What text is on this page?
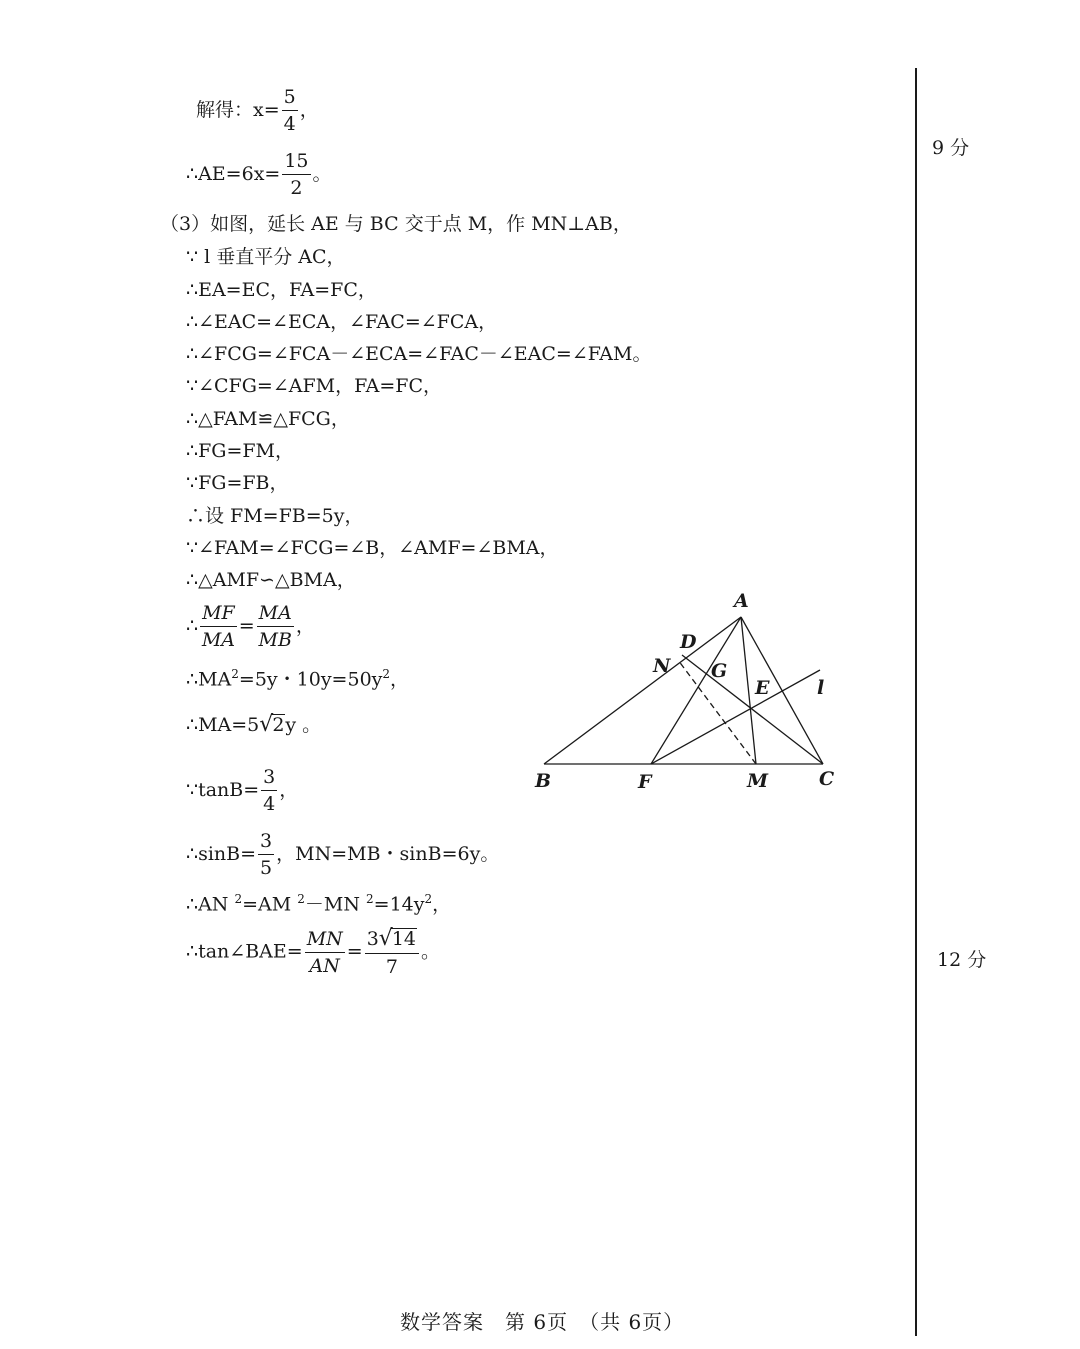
解得：$x= \frac{5}{4}$ ，
∴AE=6x= $\frac{15}{2}$ 。
（3）如图，延长 AE 与 BC 交于点 M，作 MN⊥AB，
∵ l 垂直平分 AC，
∴EA=EC，FA=FC，
∴∠EAC=∠ECA，∠FAC=∠FCA，
∴∠FCG=∠FCA－∠ECA=∠FAC－∠EAC=∠FAM。
∵∠CFG=∠AFM，FA=FC，
∴△FAM≌△FCG，
∴FG=FM，
∵FG=FB，
∴设 FM=FB=5y，
∵∠FAM=∠FCG=∠B，∠AMF=∠BMA，
∴△AMF∽△BMA，
∴ $\frac{MF}{MA} = \frac{MA}{MB}$ ，
$\therefore MA^2=5y$・$10y=50y^2$，
∴MA=5√2y 。
∵tanB= $\frac{3}{4}$ ，
∴sinB= $\frac{3}{5}$ ，MN=MB・sinB=6y。
∴AN $^2$=AM $^2$－MN $^2=14y^2$，
∴tan∠BAE= $\frac{MN}{AN} = \frac{3√14}{7}$ 。
9 分
12 分
A
D
N G
E	l
B	F	M	C
数学答案　第 6页　（共 6页）
